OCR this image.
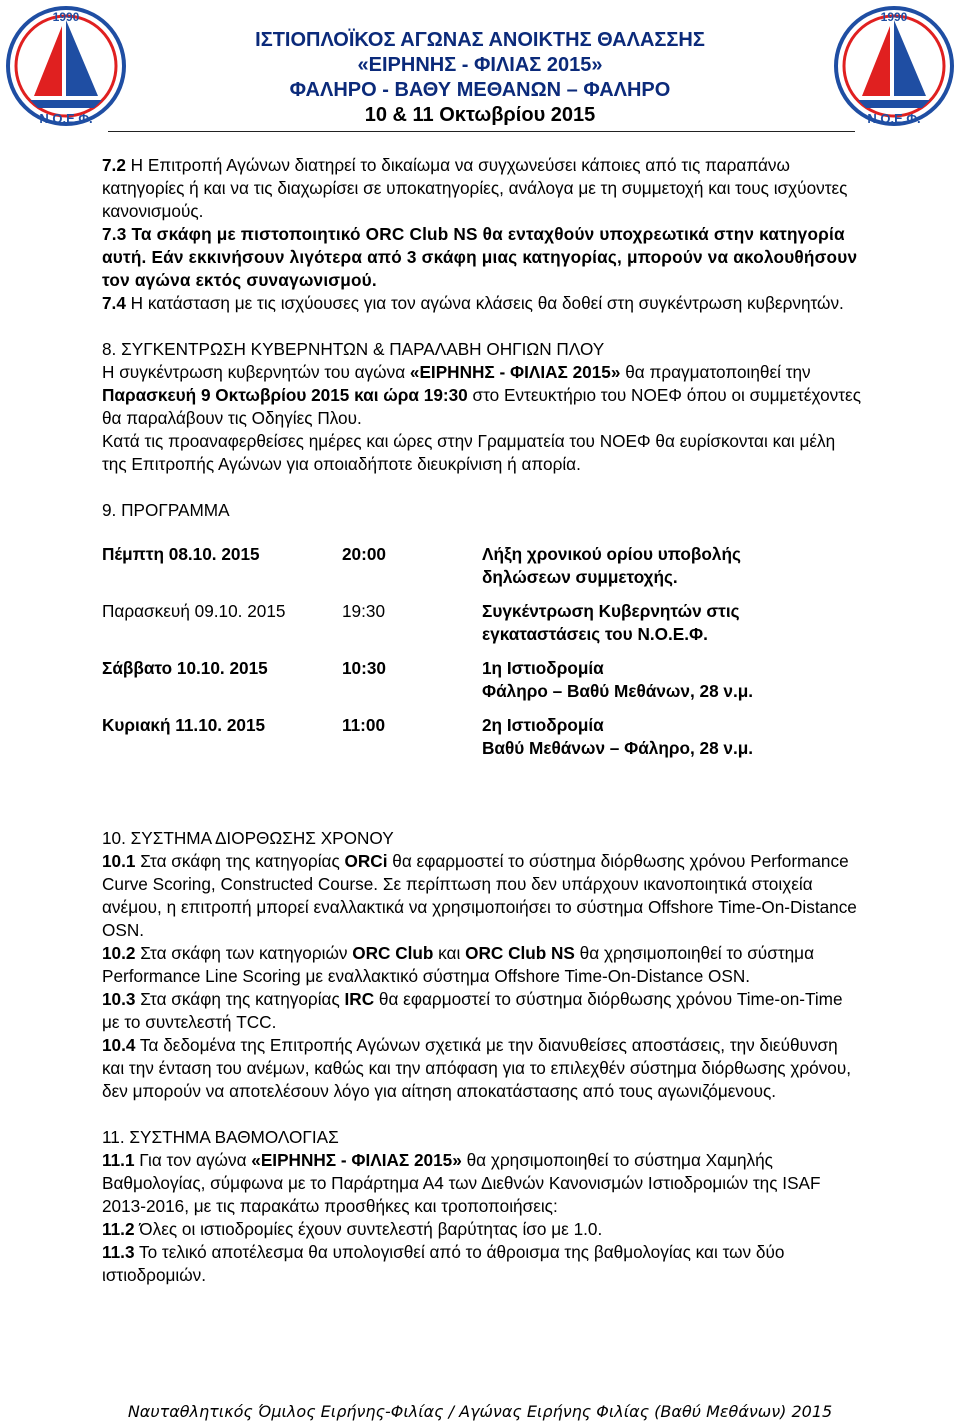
1990
Ν.Ο.Ε.Φ.
1990
Ν.Ο.Ε.Φ.
ΙΣΤΙΟΠΛΟΪΚΟΣ ΑΓΩΝΑΣ ΑΝΟΙΚΤΗΣ ΘΑΛΑΣΣΗΣ
«ΕΙΡΗΝΗΣ - ΦΙΛΙΑΣ 2015»
ΦΑΛΗΡΟ - ΒΑΘΥ ΜΕΘΑΝΩΝ – ΦΑΛΗΡΟ
10 & 11 Οκτωβρίου 2015

7.2 Η Επιτροπή Αγώνων διατηρεί το δικαίωμα να συγχωνεύσει κάποιες από τις παραπάνω κατηγορίες ή και να τις διαχωρίσει σε υποκατηγορίες, ανάλογα με τη συμμετοχή και τους ισχύοντες κανονισμούς.

7.3 Τα σκάφη με πιστοποιητικό ORC Club NS θα ενταχθούν υποχρεωτικά στην κατηγορία αυτή. Εάν εκκινήσουν λιγότερα από 3 σκάφη μιας κατηγορίας, μπορούν να ακολουθήσουν τον αγώνα εκτός συναγωνισμού.

7.4 Η κατάσταση με τις ισχύουσες για τον αγώνα κλάσεις θα δοθεί στη συγκέντρωση κυβερνητών.

8. ΣΥΓΚΕΝΤΡΩΣΗ ΚΥΒΕΡΝΗΤΩΝ & ΠΑΡΑΛΑΒΗ ΟΗΓΙΩΝ ΠΛΟΥ

Η συγκέντρωση κυβερνητών του αγώνα «ΕΙΡΗΝΗΣ - ΦΙΛΙΑΣ 2015» θα πραγματοποιηθεί την Παρασκευή 9 Οκτωβρίου 2015 και ώρα 19:30 στο Εντευκτήριο του ΝΟΕΦ όπου οι συμμετέχοντες θα παραλάβουν τις Οδηγίες Πλου.

Κατά τις προαναφερθείσες ημέρες και ώρες στην Γραμματεία του ΝΟΕΦ θα ευρίσκονται και μέλη της Επιτροπής Αγώνων για οποιαδήποτε διευκρίνιση ή απορία.

9. ΠΡΟΓΡΑΜΜΑ

Πέμπτη 08.10. 2015	20:00	Λήξη χρονικού ορίου υποβολής
δηλώσεων συμμετοχής.
Παρασκευή 09.10. 2015	19:30	Συγκέντρωση Κυβερνητών στις
εγκαταστάσεις του Ν.Ο.Ε.Φ.
Σάββατο 10.10. 2015	10:30	1η Ιστιοδρομία
Φάληρο – Βαθύ Μεθάνων, 28 ν.μ.
Κυριακή 11.10. 2015	11:00	2η Ιστιοδρομία
Βαθύ Μεθάνων – Φάληρο, 28 ν.μ.

10. ΣΥΣΤΗΜΑ ΔΙΟΡΘΩΣΗΣ ΧΡΟΝΟΥ

10.1 Στα σκάφη της κατηγορίας ORCi θα εφαρμοστεί το σύστημα διόρθωσης χρόνου Performance Curve Scoring, Constructed Course. Σε περίπτωση που δεν υπάρχουν ικανοποιητικά στοιχεία ανέμου, η επιτροπή μπορεί εναλλακτικά να χρησιμοποιήσει το σύστημα Offshore Time-On-Distance OSN.

10.2 Στα σκάφη των κατηγοριών ORC Club και ORC Club NS θα χρησιμοποιηθεί το σύστημα Performance Line Scoring με εναλλακτικό σύστημα Offshore Time-On-Distance OSN.

10.3 Στα σκάφη της κατηγορίας IRC θα εφαρμοστεί το σύστημα διόρθωσης χρόνου Time-on-Time με το συντελεστή TCC.

10.4 Τα δεδομένα της Επιτροπής Αγώνων σχετικά με την διανυθείσες αποστάσεις, την διεύθυνση και την ένταση του ανέμων, καθώς και την απόφαση για το επιλεχθέν σύστημα διόρθωσης χρόνου, δεν μπορούν να αποτελέσουν λόγο για αίτηση αποκατάστασης από τους αγωνιζόμενους.

11. ΣΥΣΤΗΜΑ ΒΑΘΜΟΛΟΓΙΑΣ

11.1 Για τον αγώνα «ΕΙΡΗΝΗΣ - ΦΙΛΙΑΣ 2015» θα χρησιμοποιηθεί το σύστημα Χαμηλής Βαθμολογίας, σύμφωνα με το Παράρτημα Α4 των Διεθνών Κανονισμών Ιστιοδρομιών της ISAF 2013-2016, με τις παρακάτω προσθήκες και τροποποιήσεις:

11.2 Όλες οι ιστιοδρομίες έχουν συντελεστή βαρύτητας ίσο με 1.0.

11.3 Το τελικό αποτέλεσμα θα υπολογισθεί από το άθροισμα της βαθμολογίας και των δύο ιστιοδρομιών.

Ναυταθλητικός Όμιλος Ειρήνης-Φιλίας / Αγώνας Ειρήνης Φιλίας (Βαθύ Μεθάνων) 2015
